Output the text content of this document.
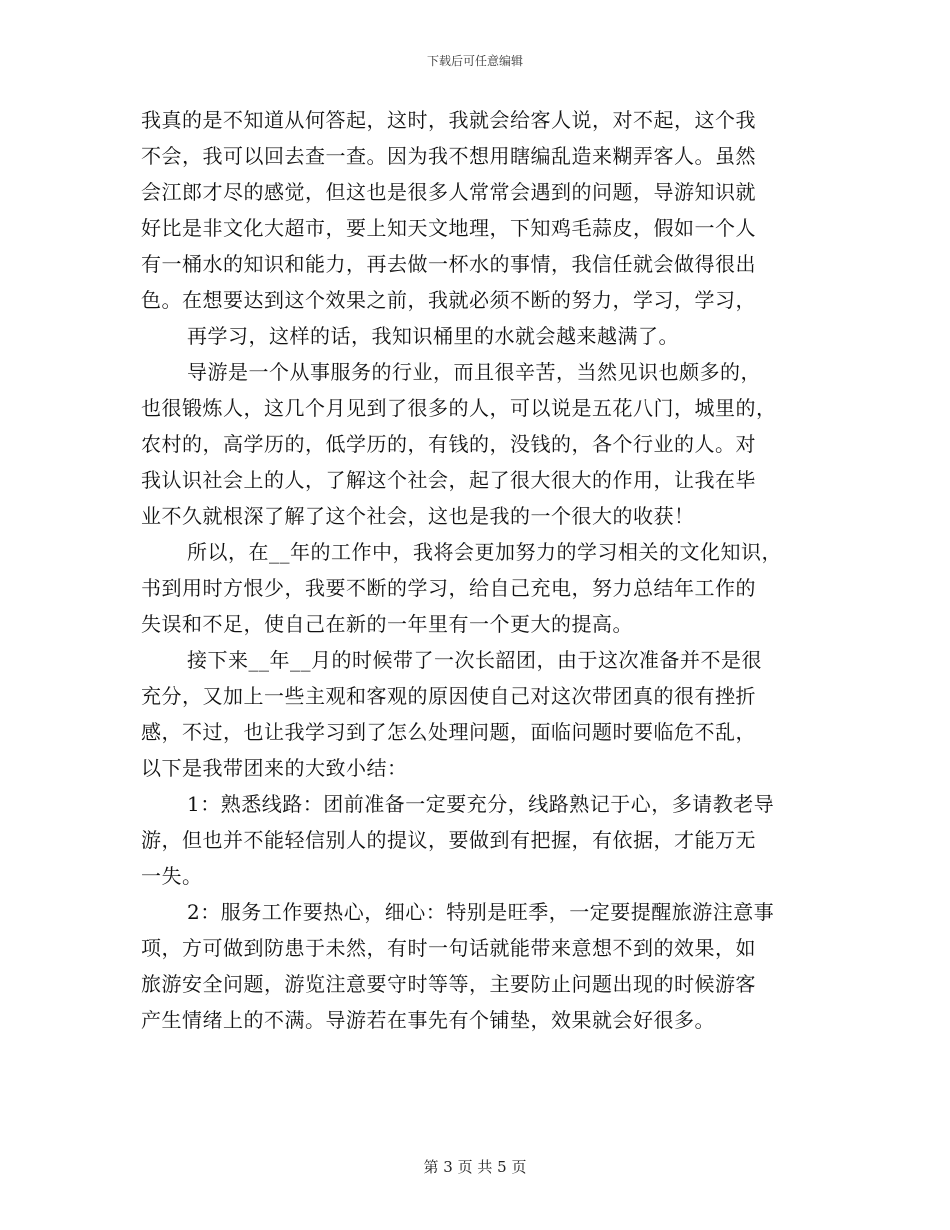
下载后可任意编辑
我真的是不知道从何答起，这时，我就会给客人说，对不起，这个我
不会，我可以回去查一查。因为我不想用瞎编乱造来糊弄客人。虽然
会江郎才尽的感觉，但这也是很多人常常会遇到的问题，导游知识就
好比是非文化大超市，要上知天文地理，下知鸡毛蒜皮，假如一个人
有一桶水的知识和能力，再去做一杯水的事情，我信任就会做得很出
色。在想要达到这个效果之前，我就必须不断的努力，学习，学习，
再学习，这样的话，我知识桶里的水就会越来越满了。
导游是一个从事服务的行业，而且很辛苦，当然见识也颇多的，
也很锻炼人，这几个月见到了很多的人，可以说是五花八门，城里的，
农村的，高学历的，低学历的，有钱的，没钱的，各个行业的人。对
我认识社会上的人，了解这个社会，起了很大很大的作用，让我在毕
业不久就根深了解了这个社会，这也是我的一个很大的收获！
所以，在__年的工作中，我将会更加努力的学习相关的文化知识，
书到用时方恨少，我要不断的学习，给自己充电，努力总结年工作的
失误和不足，使自己在新的一年里有一个更大的提高。
接下来__年__月的时候带了一次长韶团，由于这次准备并不是很
充分，又加上一些主观和客观的原因使自己对这次带团真的很有挫折
感，不过，也让我学习到了怎么处理问题，面临问题时要临危不乱，
以下是我带团来的大致小结：
1：熟悉线路：团前准备一定要充分，线路熟记于心，多请教老导
游，但也并不能轻信别人的提议，要做到有把握，有依据，才能万无
一失。
2：服务工作要热心，细心：特别是旺季，一定要提醒旅游注意事
项，方可做到防患于未然，有时一句话就能带来意想不到的效果，如
旅游安全问题，游览注意要守时等等，主要防止问题出现的时候游客
产生情绪上的不满。导游若在事先有个铺垫，效果就会好很多。
第 3 页 共 5 页
